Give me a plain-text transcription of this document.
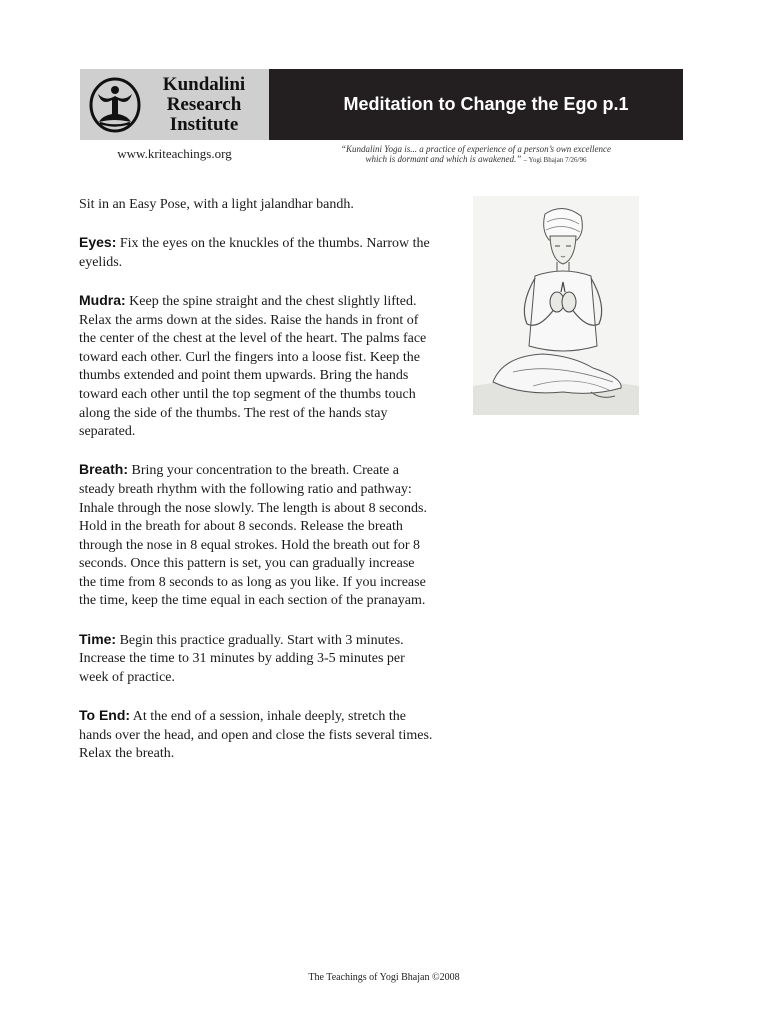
Kundalini
Research
Institute
Meditation to Change the Ego p.1
www.kriteachings.org	“Kundalini Yoga is... a practice of experience of a person’s own excellence
which is dormant and which is awakened.” – Yogi Bhajan 7/26/96

Sit in an Easy Pose, with a light jalandhar bandh.

Eyes: Fix the eyes on the knuckles of the thumbs. Narrow the eyelids.

Mudra: Keep the spine straight and the chest slightly lifted. Relax the arms down at the sides. Raise the hands in front of the center of the chest at the level of the heart. The palms face toward each other. Curl the fingers into a loose fist. Keep the thumbs extended and point them upwards. Bring the hands toward each other until the top segment of the thumbs touch along the side of the thumbs. The rest of the hands stay separated.

Breath: Bring your concentration to the breath. Create a steady breath rhythm with the following ratio and pathway: Inhale through the nose slowly. The length is about 8 seconds. Hold in the breath for about 8 seconds. Release the breath through the nose in 8 equal strokes. Hold the breath out for 8 seconds. Once this pattern is set, you can gradually increase the time from 8 seconds to as long as you like. If you increase the time, keep the time equal in each section of the pranayam.

Time: Begin this practice gradually. Start with 3 minutes. Increase the time to 31 minutes by adding 3-5 minutes per week of practice.

To End: At the end of a session, inhale deeply, stretch the hands over the head, and open and close the fists several times. Relax the breath.

The Teachings of Yogi Bhajan ©2008
